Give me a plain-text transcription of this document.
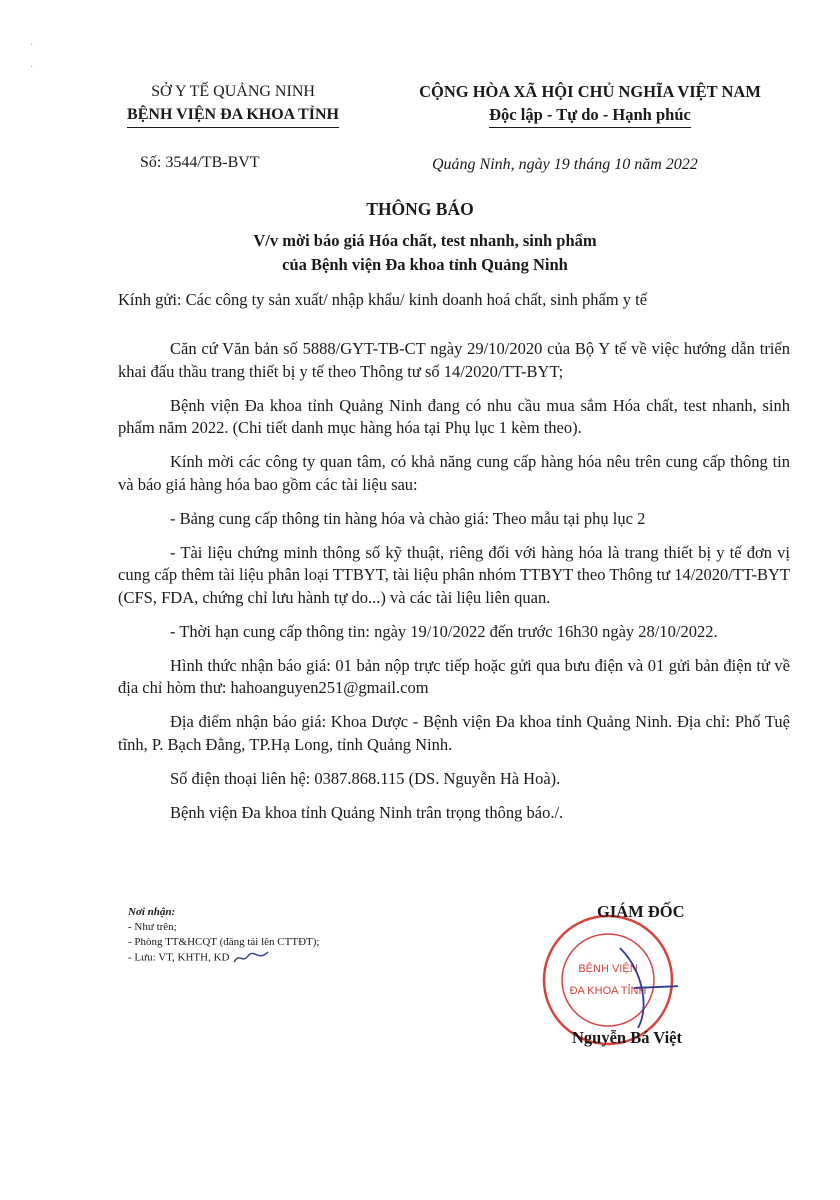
·

·
SỞ Y TẾ QUẢNG NINH
BỆNH VIỆN ĐA KHOA TỈNH
CỘNG HÒA XÃ HỘI CHỦ NGHĨA VIỆT NAM
Độc lập - Tự do - Hạnh phúc
Số: 3544/TB-BVT	Quảng Ninh, ngày 19 tháng 10 năm 2022
THÔNG BÁO
V/v mời báo giá Hóa chất, test nhanh, sinh phẩm
của Bệnh viện Đa khoa tỉnh Quảng Ninh
Kính gửi: Các công ty sản xuất/ nhập khẩu/ kinh doanh hoá chất, sinh phẩm y tế

Căn cứ Văn bản số 5888/GYT-TB-CT ngày 29/10/2020 của Bộ Y tế về việc hướng dẫn triển khai đấu thầu trang thiết bị y tế theo Thông tư số 14/2020/TT-BYT;

Bệnh viện Đa khoa tỉnh Quảng Ninh đang có nhu cầu mua sắm Hóa chất, test nhanh, sinh phẩm năm 2022. (Chi tiết danh mục hàng hóa tại Phụ lục 1 kèm theo).

Kính mời các công ty quan tâm, có khả năng cung cấp hàng hóa nêu trên cung cấp thông tin và báo giá hàng hóa bao gồm các tài liệu sau:

- Bảng cung cấp thông tin hàng hóa và chào giá: Theo mẫu tại phụ lục 2

- Tài liệu chứng minh thông số kỹ thuật, riêng đối với hàng hóa là trang thiết bị y tế đơn vị cung cấp thêm tài liệu phân loại TTBYT, tài liệu phân nhóm TTBYT theo Thông tư 14/2020/TT-BYT (CFS, FDA, chứng chỉ lưu hành tự do...) và các tài liệu liên quan.

- Thời hạn cung cấp thông tin: ngày 19/10/2022 đến trước 16h30 ngày 28/10/2022.

Hình thức nhận báo giá: 01 bản nộp trực tiếp hoặc gửi qua bưu điện và 01 gửi bản điện tử về địa chỉ hòm thư: hahoanguyen251@gmail.com

Địa điểm nhận báo giá: Khoa Dược - Bệnh viện Đa khoa tỉnh Quảng Ninh. Địa chỉ: Phố Tuệ tĩnh, P. Bạch Đằng, TP.Hạ Long, tỉnh Quảng Ninh.

Số điện thoại liên hệ: 0387.868.115 (DS. Nguyễn Hà Hoà).

Bệnh viện Đa khoa tỉnh Quảng Ninh trân trọng thông báo./.

Nơi nhận:
- Như trên;
- Phòng TT&HCQT (đăng tải lên CTTĐT);
- Lưu: VT, KHTH, KD
BỆNH VIỆN
ĐA KHOA TỈNH
GIÁM ĐỐC
Nguyễn Bá Việt
